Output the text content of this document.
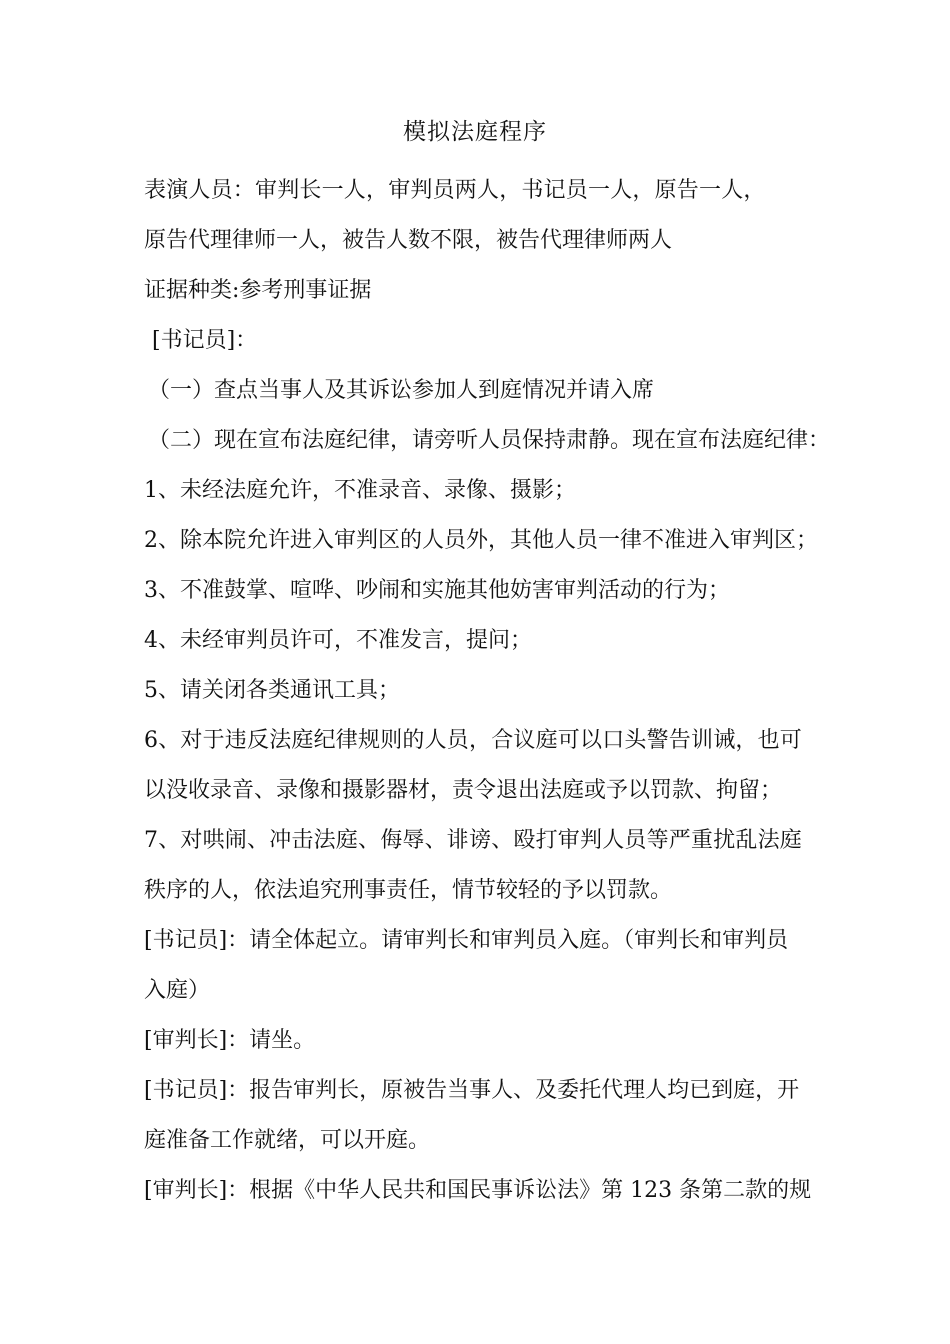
模拟法庭程序

表演人员：审判长一人，审判员两人，书记员一人，原告一人，

原告代理律师一人，被告人数不限，被告代理律师两人

证据种类:参考刑事证据

[书记员]：

（一）查点当事人及其诉讼参加人到庭情况并请入席

（二）现在宣布法庭纪律，请旁听人员保持肃静。现在宣布法庭纪律：

1、未经法庭允许，不准录音、录像、摄影；

2、除本院允许进入审判区的人员外，其他人员一律不准进入审判区；

3、不准鼓掌、喧哗、吵闹和实施其他妨害审判活动的行为；

4、未经审判员许可，不准发言，提问；

5、请关闭各类通讯工具；

6、对于违反法庭纪律规则的人员，合议庭可以口头警告训诫，也可

以没收录音、录像和摄影器材，责令退出法庭或予以罚款、拘留；

7、对哄闹、冲击法庭、侮辱、诽谤、殴打审判人员等严重扰乱法庭

秩序的人，依法追究刑事责任，情节较轻的予以罚款。

[书记员]：请全体起立。请审判长和审判员入庭。（审判长和审判员

入庭）

[审判长]：请坐。

[书记员]：报告审判长，原被告当事人、及委托代理人均已到庭，开

庭准备工作就绪，可以开庭。

[审判长]：根据《中华人民共和国民事诉讼法》第 123 条第二款的规
